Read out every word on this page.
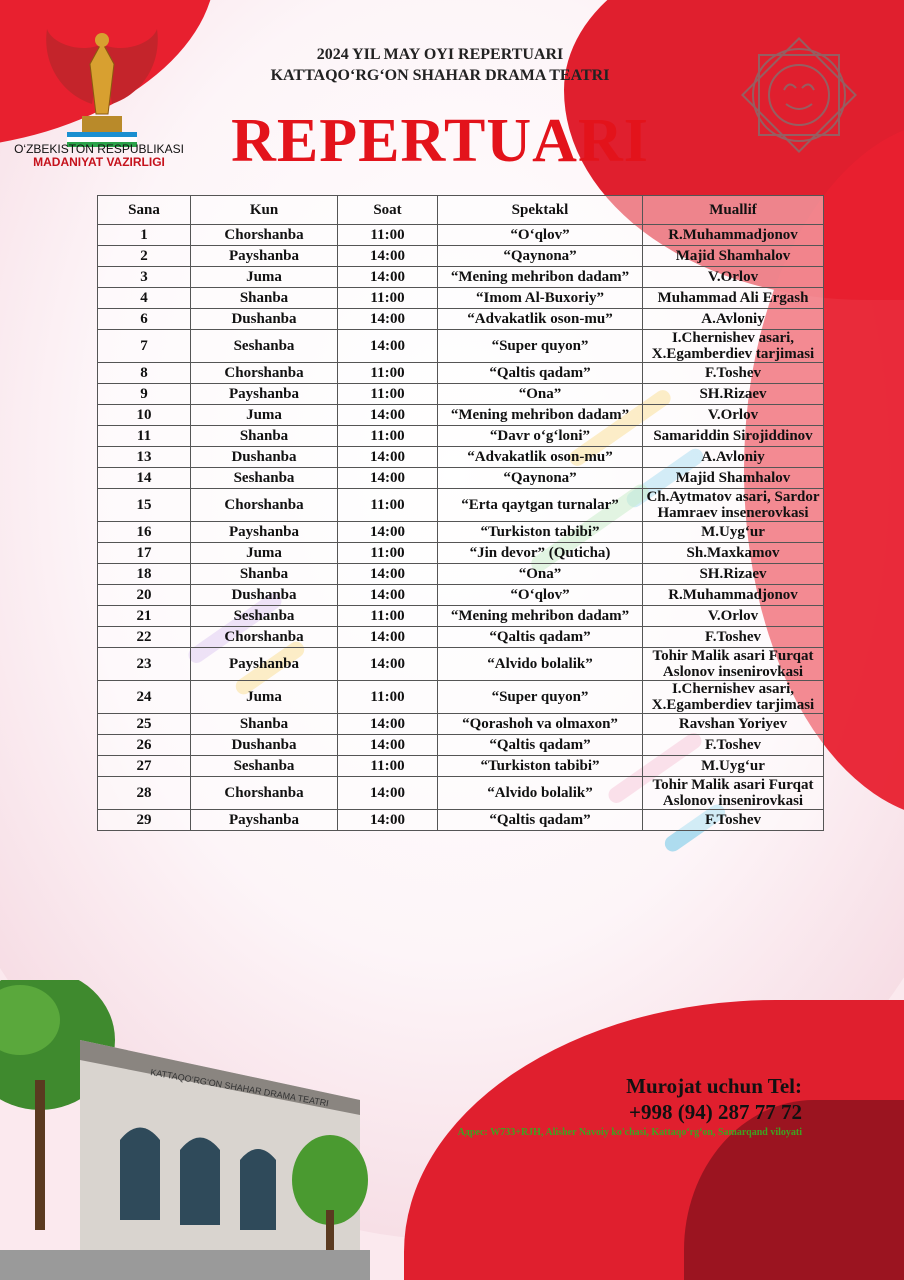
O‘ZBEKISTON RESPUBLIKASI
MADANIYAT VAZIRLIGI
2024 YIL MAY OYI REPERTUARI
KATTAQO‘RG‘ON SHAHAR DRAMA TEATRI
REPERTUARI
Sana	Kun	Soat	Spektakl	Muallif
1	Chorshanba	11:00	“O‘qlov”	R.Muhammadjonov
2	Payshanba	14:00	“Qaynona”	Majid Shamhalov
3	Juma	14:00	“Mening mehribon dadam”	V.Orlov
4	Shanba	11:00	“Imom Al-Buxoriy”	Muhammad Ali Ergash
6	Dushanba	14:00	“Advakatlik oson-mu”	A.Avloniy
7	Seshanba	14:00	“Super quyon”	I.Chernishev asari, X.Egamberdiev tarjimasi
8	Chorshanba	11:00	“Qaltis qadam”	F.Toshev
9	Payshanba	11:00	“Ona”	SH.Rizaev
10	Juma	14:00	“Mening mehribon dadam”	V.Orlov
11	Shanba	11:00	“Davr o‘g‘loni”	Samariddin Sirojiddinov
13	Dushanba	14:00	“Advakatlik oson-mu”	A.Avloniy
14	Seshanba	14:00	“Qaynona”	Majid Shamhalov
15	Chorshanba	11:00	“Erta qaytgan turnalar”	Ch.Aytmatov asari, Sardor Hamraev insenerovkasi
16	Payshanba	14:00	“Turkiston tabibi”	M.Uyg‘ur
17	Juma	11:00	“Jin devor” (Quticha)	Sh.Maxkamov
18	Shanba	14:00	“Ona”	SH.Rizaev
20	Dushanba	14:00	“O‘qlov”	R.Muhammadjonov
21	Seshanba	11:00	“Mening mehribon dadam”	V.Orlov
22	Chorshanba	14:00	“Qaltis qadam”	F.Toshev
23	Payshanba	14:00	“Alvido bolalik”	Tohir Malik asari Furqat Aslonov insenirovkasi
24	Juma	11:00	“Super quyon”	I.Chernishev asari, X.Egamberdiev tarjimasi
25	Shanba	14:00	“Qorashoh va olmaxon”	Ravshan Yoriyev
26	Dushanba	14:00	“Qaltis qadam”	F.Toshev
27	Seshanba	11:00	“Turkiston tabibi”	M.Uyg‘ur
28	Chorshanba	14:00	“Alvido bolalik”	Tohir Malik asari Furqat Aslonov insenirovkasi
29	Payshanba	14:00	“Qaltis qadam”	F.Toshev
KATTAQO‘RG‘ON SHAHAR DRAMA TEATRI	Murojat uchun Tel:
+998 (94) 287 77 72
Адрес: W733+RJH, Alisher Navoiy ko'chasi, Kattaqo‘rg‘on, Samarqand viloyati
